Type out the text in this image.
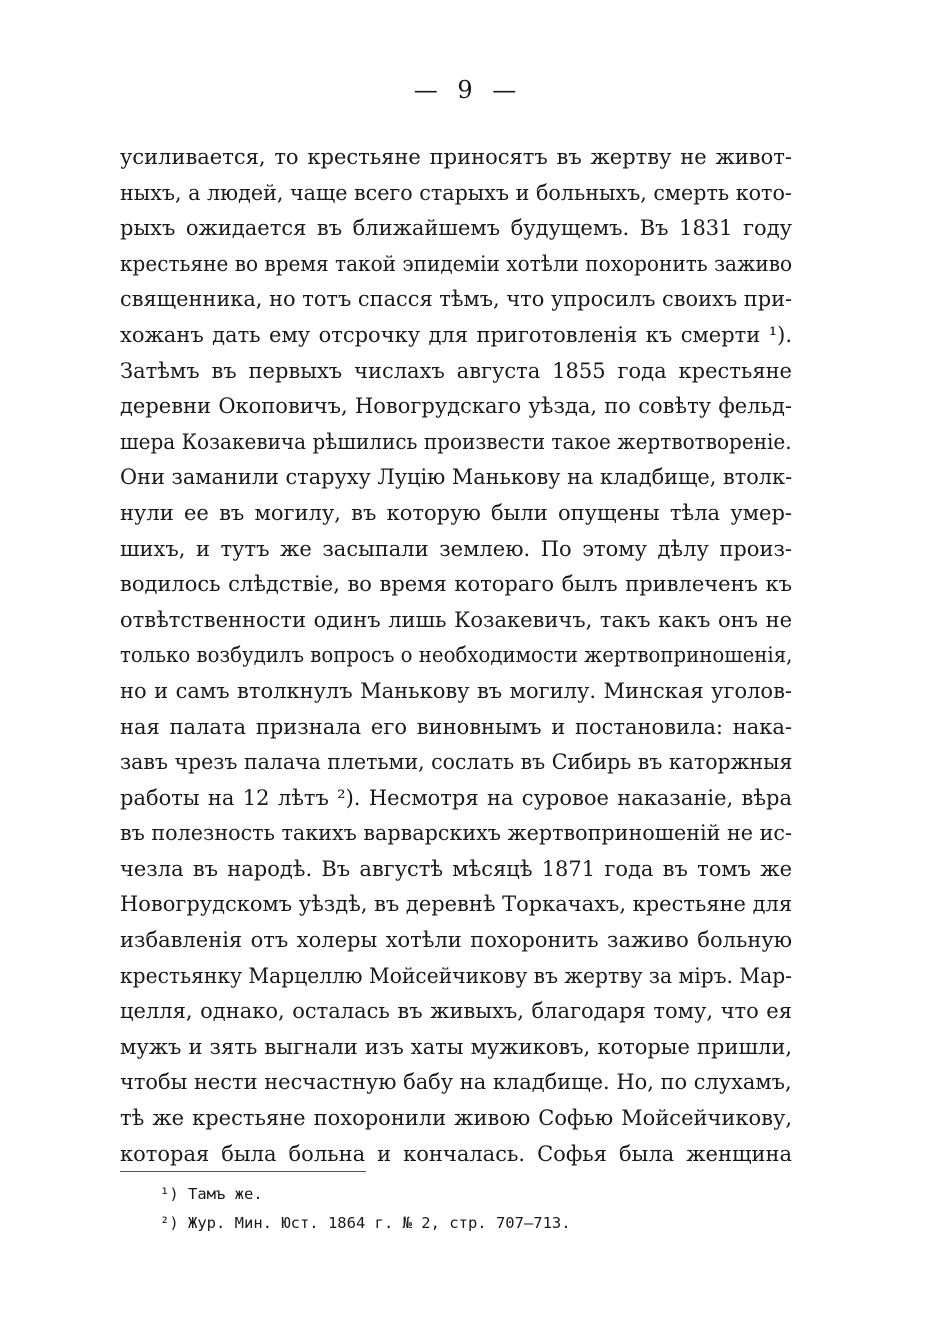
— 9 —
усиливается, то крестьяне приносятъ въ жертву не живот-
ныхъ, а людей, чаще всего старыхъ и больныхъ, смерть кото-
рыхъ ожидается въ ближайшемъ будущемъ. Въ 1831 году
крестьяне во время такой эпидеміи хотѣли похоронить заживо
священника, но тотъ спасся тѣмъ, что упросилъ своихъ при-
хожанъ дать ему отсрочку для приготовленія къ смерти ¹).
Затѣмъ въ первыхъ числахъ августа 1855 года крестьяне
деревни Окоповичъ, Новогрудскаго уѣзда, по совѣту фельд-
шера Козакевича рѣшились произвести такое жертвотвореніе.
Они заманили старуху Луцію Манькову на кладбище, втолк-
нули ее въ могилу, въ которую были опущены тѣла умер-
шихъ, и тутъ же засыпали землею. По этому дѣлу произ-
водилось слѣдствіе, во время котораго былъ привлеченъ къ
отвѣтственности одинъ лишь Козакевичъ, такъ какъ онъ не
только возбудилъ вопросъ о необходимости жертвоприношенія,
но и самъ втолкнулъ Манькову въ могилу. Минская уголов-
ная палата признала его виновнымъ и постановила: нака-
завъ чрезъ палача плетьми, сослать въ Сибирь въ каторжныя
работы на 12 лѣтъ ²). Несмотря на суровое наказаніе, вѣра
въ полезность такихъ варварскихъ жертвоприношеній не ис-
чезла въ народѣ. Въ августѣ мѣсяцѣ 1871 года въ томъ же
Новогрудскомъ уѣздѣ, въ деревнѣ Торкачахъ, крестьяне для
избавленія отъ холеры хотѣли похоронить заживо больную
крестьянку Марцеллю Мойсейчикову въ жертву за міръ. Мар-
целля, однако, осталась въ живыхъ, благодаря тому, что ея
мужъ и зять выгнали изъ хаты мужиковъ, которые пришли,
чтобы нести несчастную бабу на кладбище. Но, по слухамъ,
тѣ же крестьяне похоронили живою Софью Мойсейчикову,
которая была больна и кончалась. Софья была женщина
¹) Тамъ же.
²) Жур. Мин. Юст. 1864 г. № 2, стр. 707—713.
